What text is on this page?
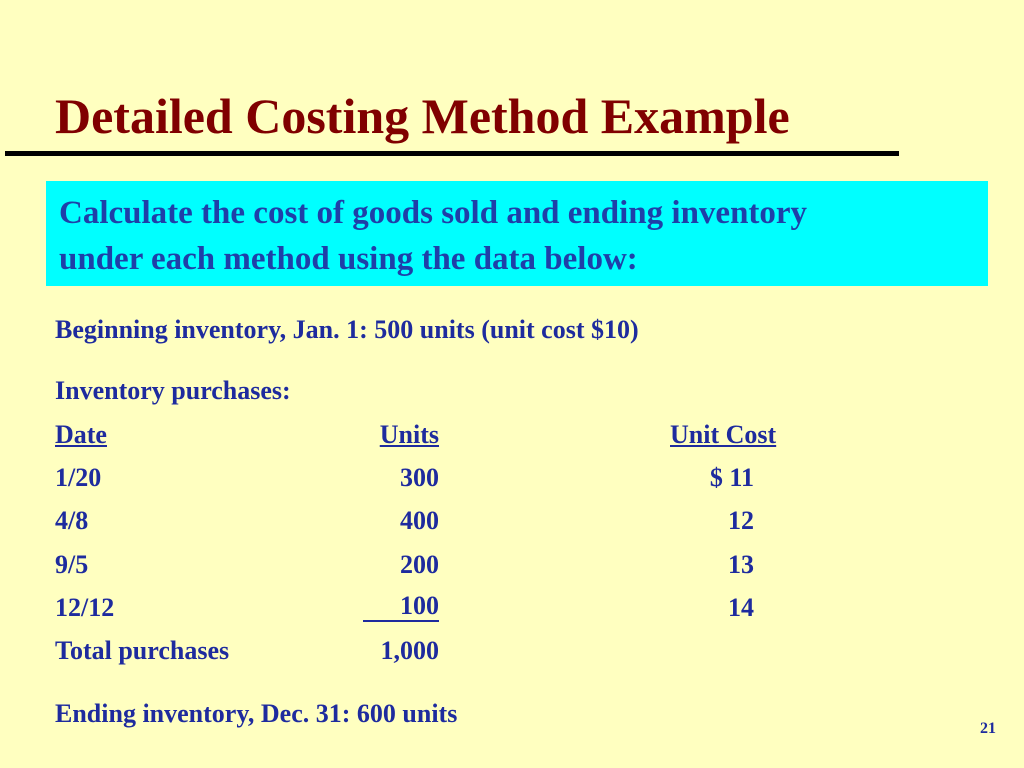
Detailed Costing Method Example
Calculate the cost of goods sold and ending inventory
under each method using the data below:
Beginning inventory, Jan. 1: 500 units (unit cost $10)
Inventory purchases:
Date	Units	Unit Cost
1/20	300	$ 11
4/8	400	12
9/5	200	13
12/12	100	14
Total purchases	1,000
Ending inventory, Dec. 31: 600 units
21
